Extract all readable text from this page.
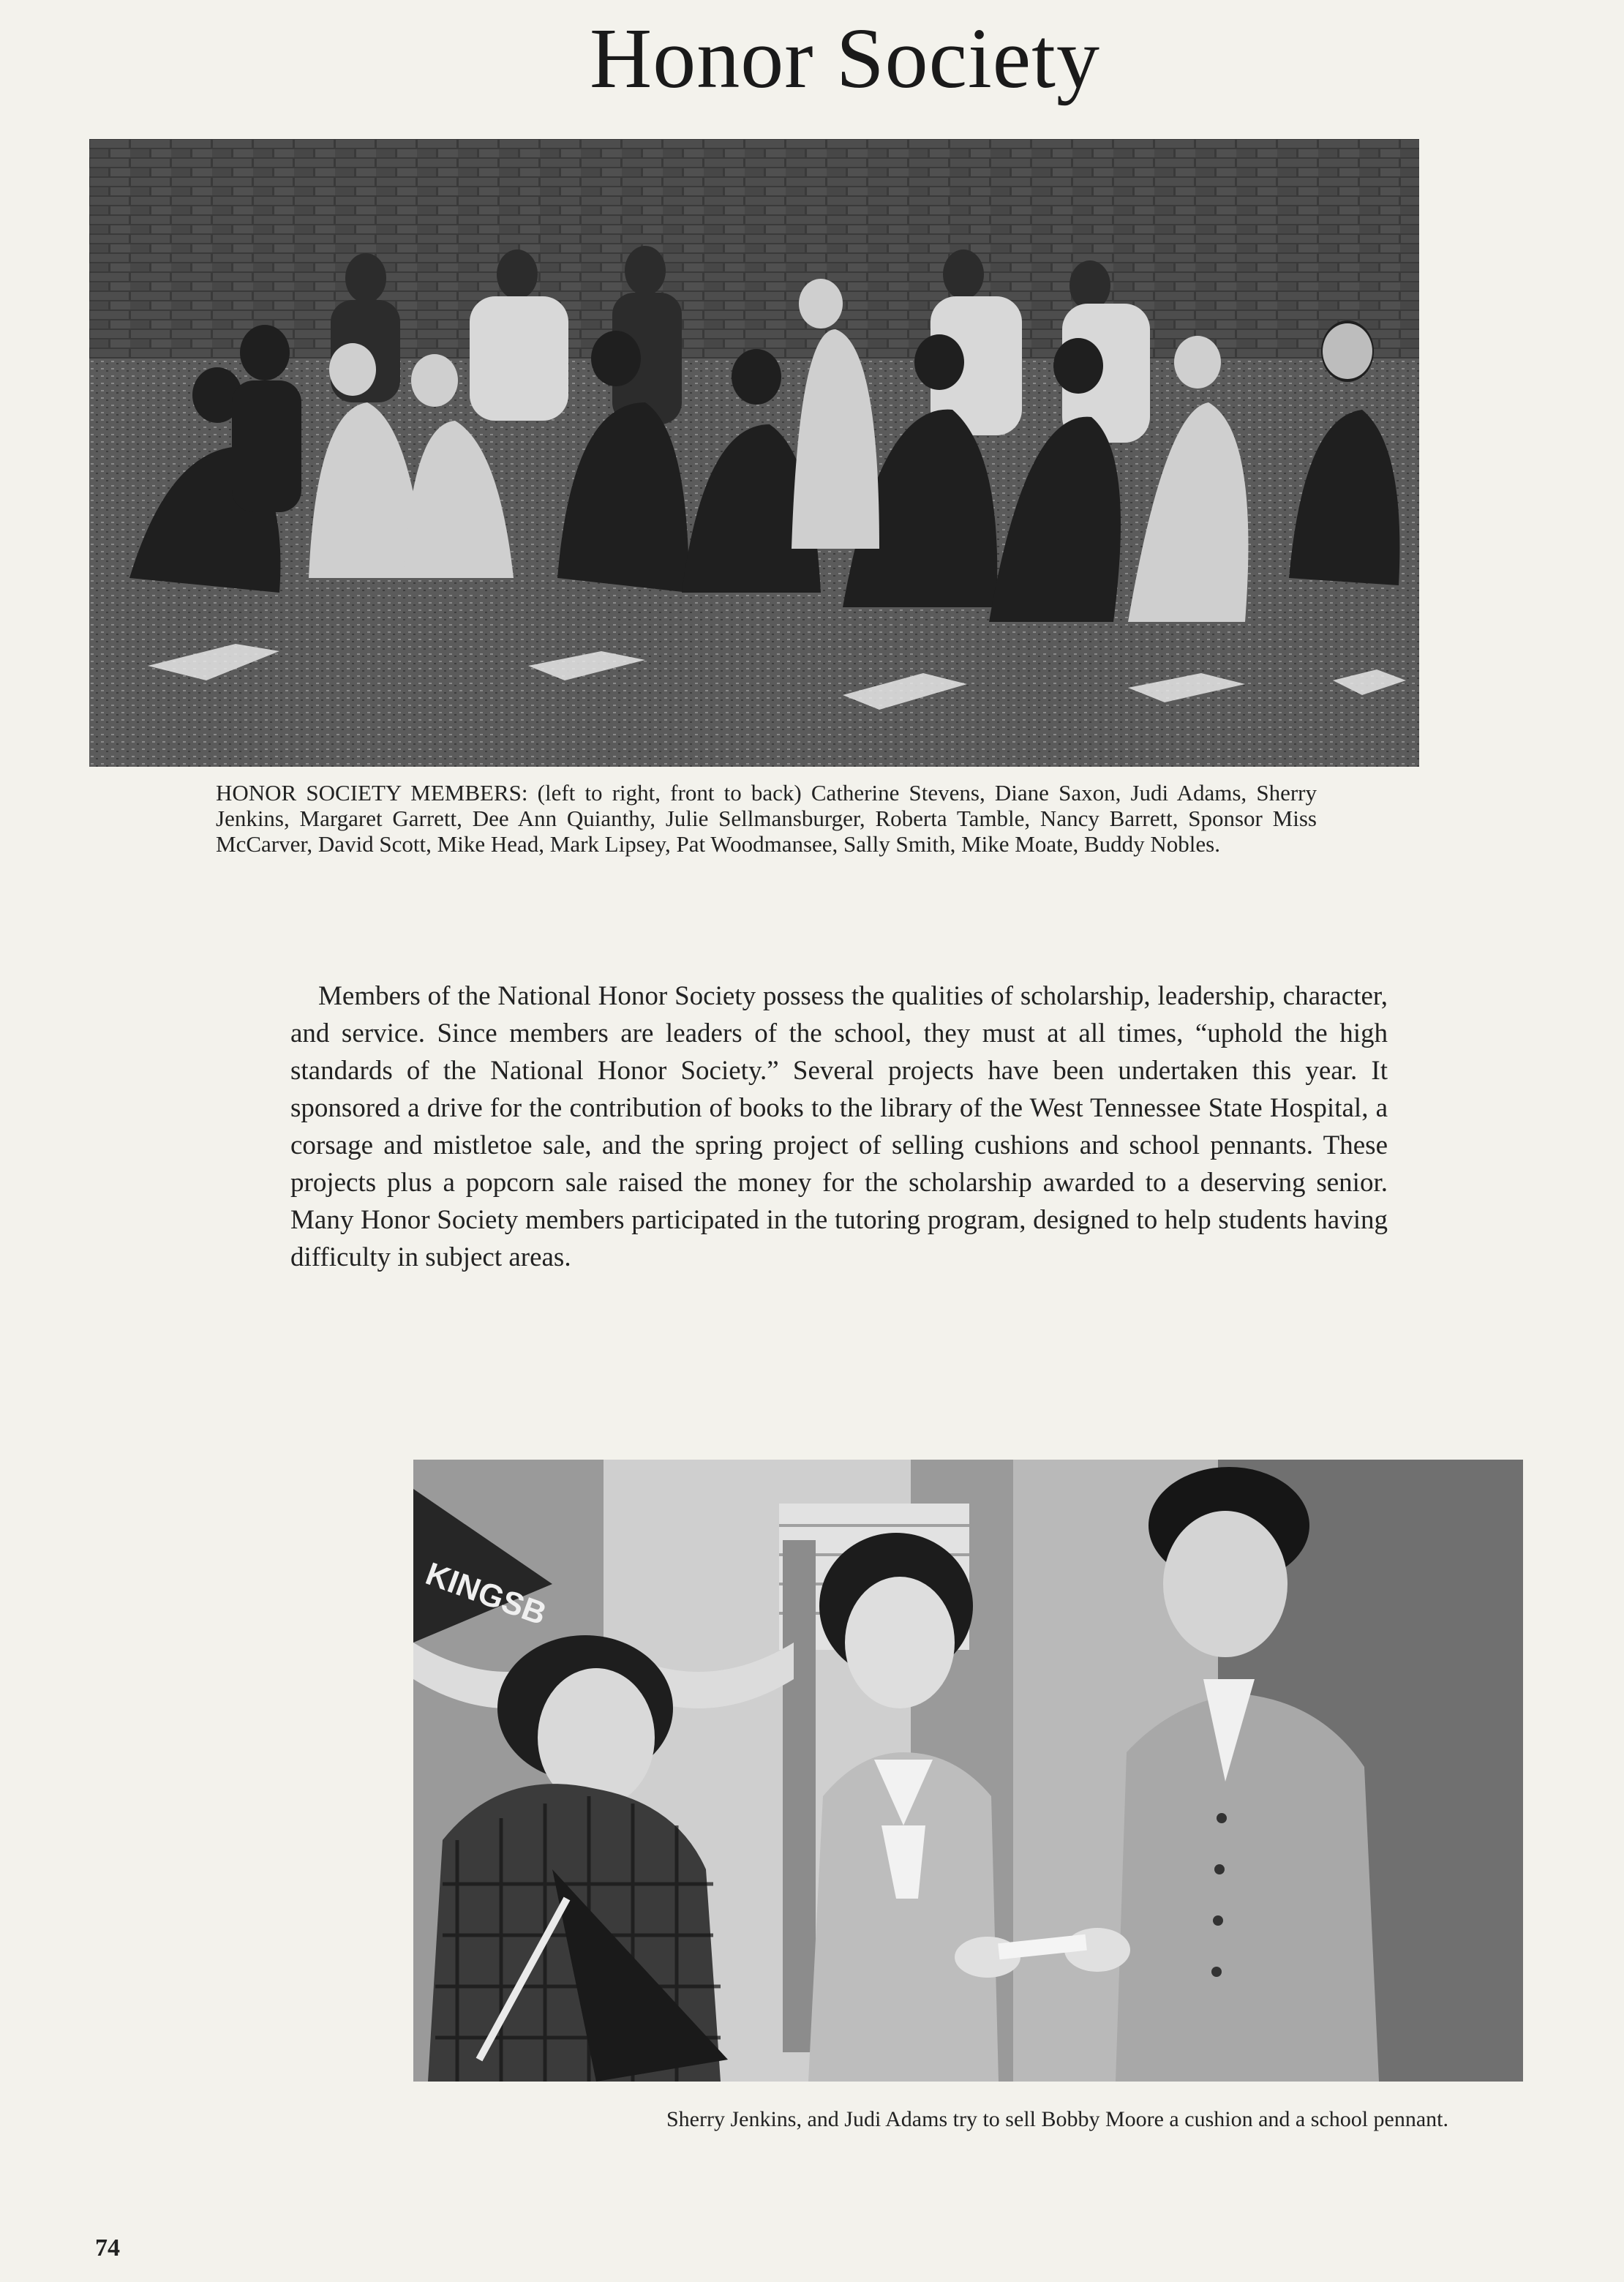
Honor Society

HONOR SOCIETY MEMBERS: (left to right, front to back) Catherine Stevens, Diane Saxon, Judi Adams, Sherry Jenkins, Margaret Garrett, Dee Ann Quianthy, Julie Sellmansburger, Roberta Tamble, Nancy Barrett, Sponsor Miss McCarver, David Scott, Mike Head, Mark Lipsey, Pat Woodmansee, Sally Smith, Mike Moate, Buddy Nobles.

Members of the National Honor Society possess the qualities of scholarship, leadership, character, and service. Since members are leaders of the school, they must at all times, “uphold the high standards of the National Honor Society.” Several projects have been undertaken this year. It sponsored a drive for the contribution of books to the library of the West Tennessee State Hospital, a corsage and mistletoe sale, and the spring project of selling cushions and school pennants. These projects plus a popcorn sale raised the money for the scholarship awarded to a deserving senior. Many Honor Society members participated in the tutoring program, designed to help students having difficulty in subject areas.

KINGSB

Sherry Jenkins, and Judi Adams try to sell Bobby Moore a cushion and a school pennant.

74
